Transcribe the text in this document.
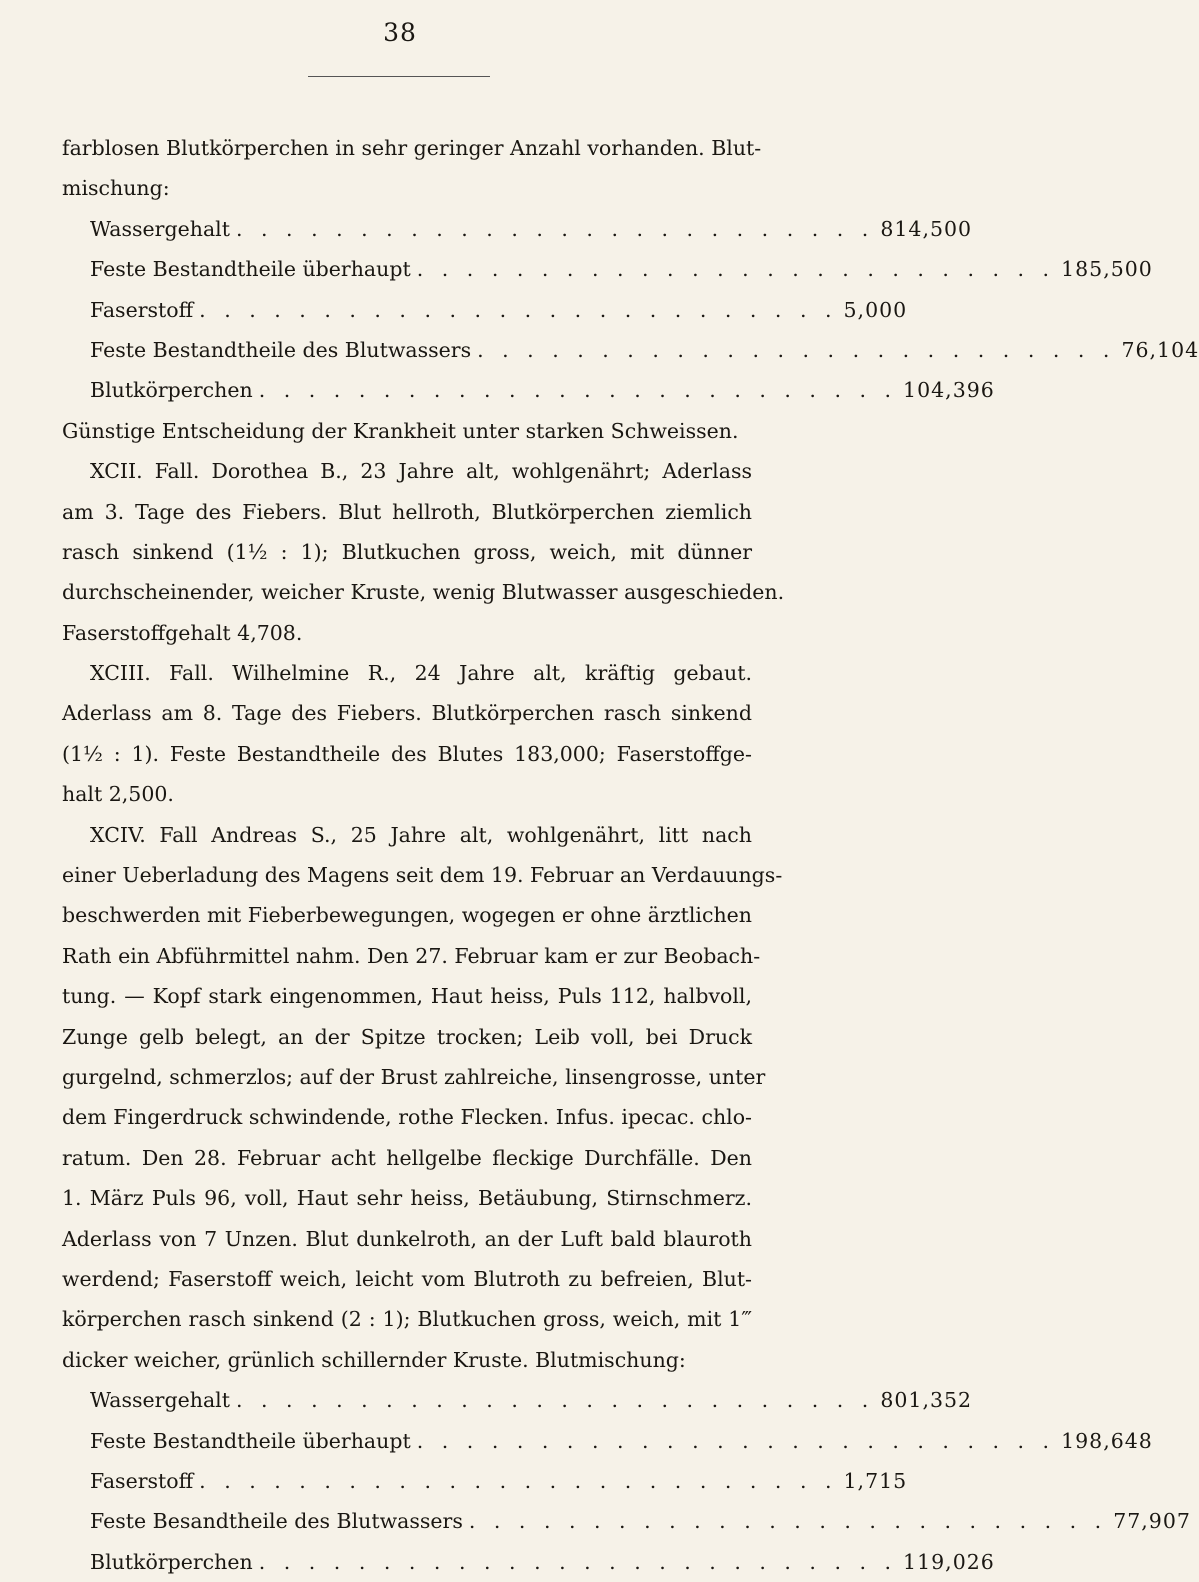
38
farblosen Blutkörperchen in sehr geringer Anzahl vorhanden. Blut-
mischung:
Wassergehalt . . . . . . . . . . . . . . . . . . . . . . . . . . 814,500
Feste Bestandtheile überhaupt . . . . . . . . . . . . . . . . . . . . . . . . . . 185,500
Faserstoff . . . . . . . . . . . . . . . . . . . . . . . . . . 5,000
Feste Bestandtheile des Blutwassers . . . . . . . . . . . . . . . . . . . . . . . . . . 76,104
Blutkörperchen . . . . . . . . . . . . . . . . . . . . . . . . . . 104,396
Günstige Entscheidung der Krankheit unter starken Schweissen.
XCII. Fall. Dorothea B., 23 Jahre alt, wohlgenährt; Aderlass
am 3. Tage des Fiebers. Blut hellroth, Blutkörperchen ziemlich
rasch sinkend (1½ : 1); Blutkuchen gross, weich, mit dünner
durchscheinender, weicher Kruste, wenig Blutwasser ausgeschieden.
Faserstoffgehalt 4,708.
XCIII. Fall. Wilhelmine R., 24 Jahre alt, kräftig gebaut.
Aderlass am 8. Tage des Fiebers. Blutkörperchen rasch sinkend
(1½ : 1). Feste Bestandtheile des Blutes 183,000; Faserstoffge-
halt 2,500.
XCIV. Fall Andreas S., 25 Jahre alt, wohlgenährt, litt nach
einer Ueberladung des Magens seit dem 19. Februar an Verdauungs-
beschwerden mit Fieberbewegungen, wogegen er ohne ärztlichen
Rath ein Abführmittel nahm. Den 27. Februar kam er zur Beobach-
tung. — Kopf stark eingenommen, Haut heiss, Puls 112, halbvoll,
Zunge gelb belegt, an der Spitze trocken; Leib voll, bei Druck
gurgelnd, schmerzlos; auf der Brust zahlreiche, linsengrosse, unter
dem Fingerdruck schwindende, rothe Flecken. Infus. ipecac. chlo-
ratum. Den 28. Februar acht hellgelbe fleckige Durchfälle. Den
1. März Puls 96, voll, Haut sehr heiss, Betäubung, Stirnschmerz.
Aderlass von 7 Unzen. Blut dunkelroth, an der Luft bald blauroth
werdend; Faserstoff weich, leicht vom Blutroth zu befreien, Blut-
körperchen rasch sinkend (2 : 1); Blutkuchen gross, weich, mit 1‴
dicker weicher, grünlich schillernder Kruste. Blutmischung:
Wassergehalt . . . . . . . . . . . . . . . . . . . . . . . . . . 801,352
Feste Bestandtheile überhaupt . . . . . . . . . . . . . . . . . . . . . . . . . . 198,648
Faserstoff . . . . . . . . . . . . . . . . . . . . . . . . . . 1,715
Feste Besandtheile des Blutwassers . . . . . . . . . . . . . . . . . . . . . . . . . . 77,907
Blutkörperchen . . . . . . . . . . . . . . . . . . . . . . . . . . 119,026
